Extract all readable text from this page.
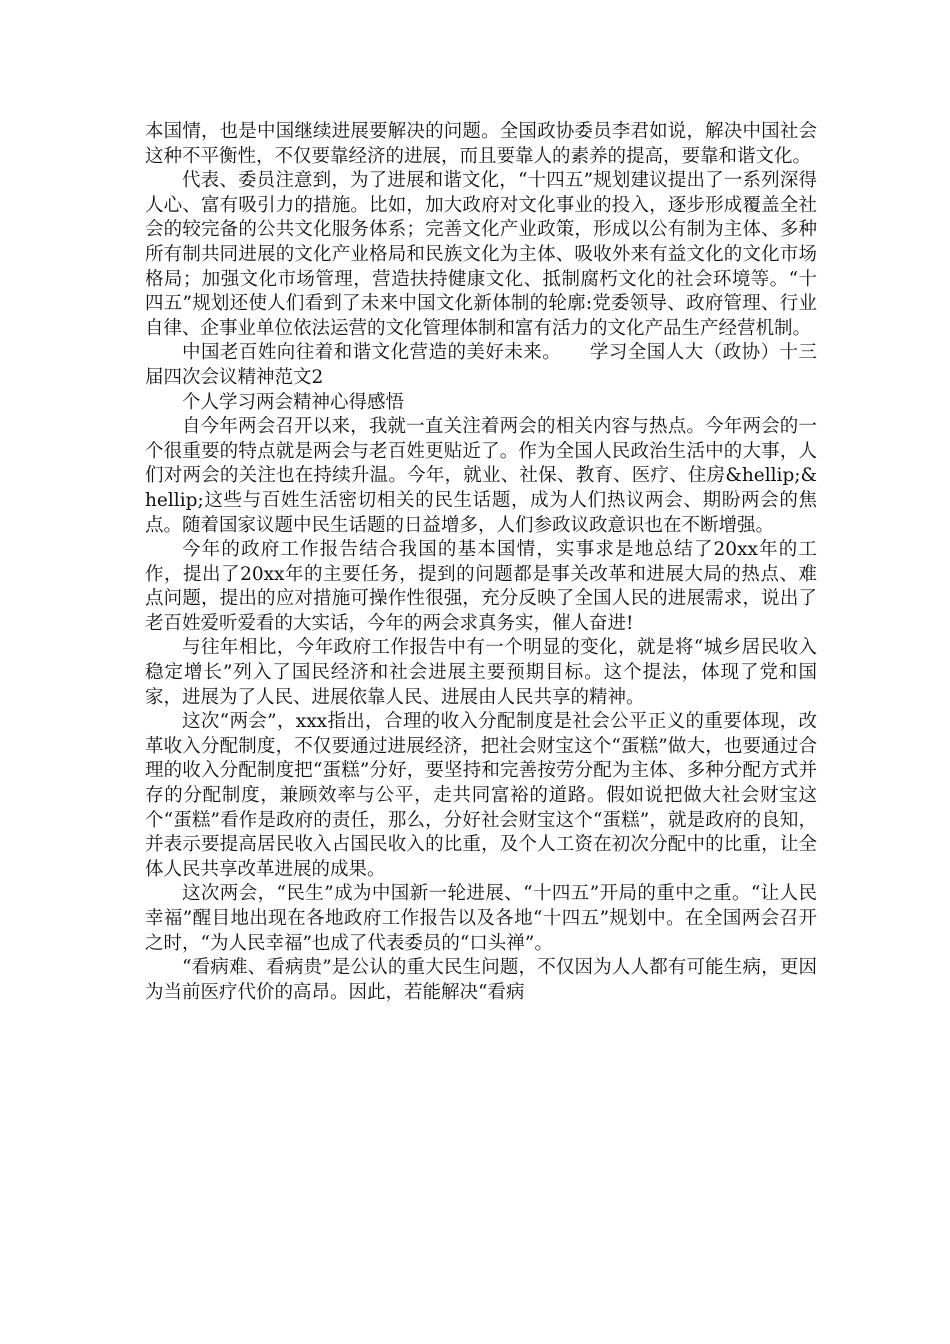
本国情，也是中国继续进展要解决的问题。全国政协委员李君如说，解决中国社会这种不平衡性，不仅要靠经济的进展，而且要靠人的素养的提高，要靠和谐文化。

代表、委员注意到，为了进展和谐文化，“十四五”规划建议提出了一系列深得人心、富有吸引力的措施。比如，加大政府对文化事业的投入，逐步形成覆盖全社会的较完备的公共文化服务体系；完善文化产业政策，形成以公有制为主体、多种所有制共同进展的文化产业格局和民族文化为主体、吸收外来有益文化的文化市场格局；加强文化市场管理，营造扶持健康文化、抵制腐朽文化的社会环境等。“十四五”规划还使人们看到了未来中国文化新体制的轮廓:党委领导、政府管理、行业自律、企事业单位依法运营的文化管理体制和富有活力的文化产品生产经营机制。

中国老百姓向往着和谐文化营造的美好未来。　　学习全国人大（政协）十三届四次会议精神范文2

个人学习两会精神心得感悟

自今年两会召开以来，我就一直关注着两会的相关内容与热点。今年两会的一个很重要的特点就是两会与老百姓更贴近了。作为全国人民政治生活中的大事，人们对两会的关注也在持续升温。今年，就业、社保、教育、医疗、住房&hellip;&hellip;这些与百姓生活密切相关的民生话题，成为人们热议两会、期盼两会的焦点。随着国家议题中民生话题的日益增多，人们参政议政意识也在不断增强。

今年的政府工作报告结合我国的基本国情，实事求是地总结了20xx年的工作，提出了20xx年的主要任务，提到的问题都是事关改革和进展大局的热点、难点问题，提出的应对措施可操作性很强，充分反映了全国人民的进展需求，说出了老百姓爱听爱看的大实话，今年的两会求真务实，催人奋进!

与往年相比，今年政府工作报告中有一个明显的变化，就是将“城乡居民收入稳定增长”列入了国民经济和社会进展主要预期目标。这个提法，体现了党和国家，进展为了人民、进展依靠人民、进展由人民共享的精神。

这次“两会”，xxx指出，合理的收入分配制度是社会公平正义的重要体现，改革收入分配制度，不仅要通过进展经济，把社会财宝这个“蛋糕”做大，也要通过合理的收入分配制度把“蛋糕”分好，要坚持和完善按劳分配为主体、多种分配方式并存的分配制度，兼顾效率与公平，走共同富裕的道路。假如说把做大社会财宝这个“蛋糕”看作是政府的责任，那么，分好社会财宝这个“蛋糕”，就是政府的良知，并表示要提高居民收入占国民收入的比重，及个人工资在初次分配中的比重，让全体人民共享改革进展的成果。

这次两会，“民生”成为中国新一轮进展、“十四五”开局的重中之重。“让人民幸福”醒目地出现在各地政府工作报告以及各地“十四五”规划中。在全国两会召开之时，“为人民幸福”也成了代表委员的“口头禅”。

“看病难、看病贵”是公认的重大民生问题，不仅因为人人都有可能生病，更因为当前医疗代价的高昂。因此，若能解决“看病
